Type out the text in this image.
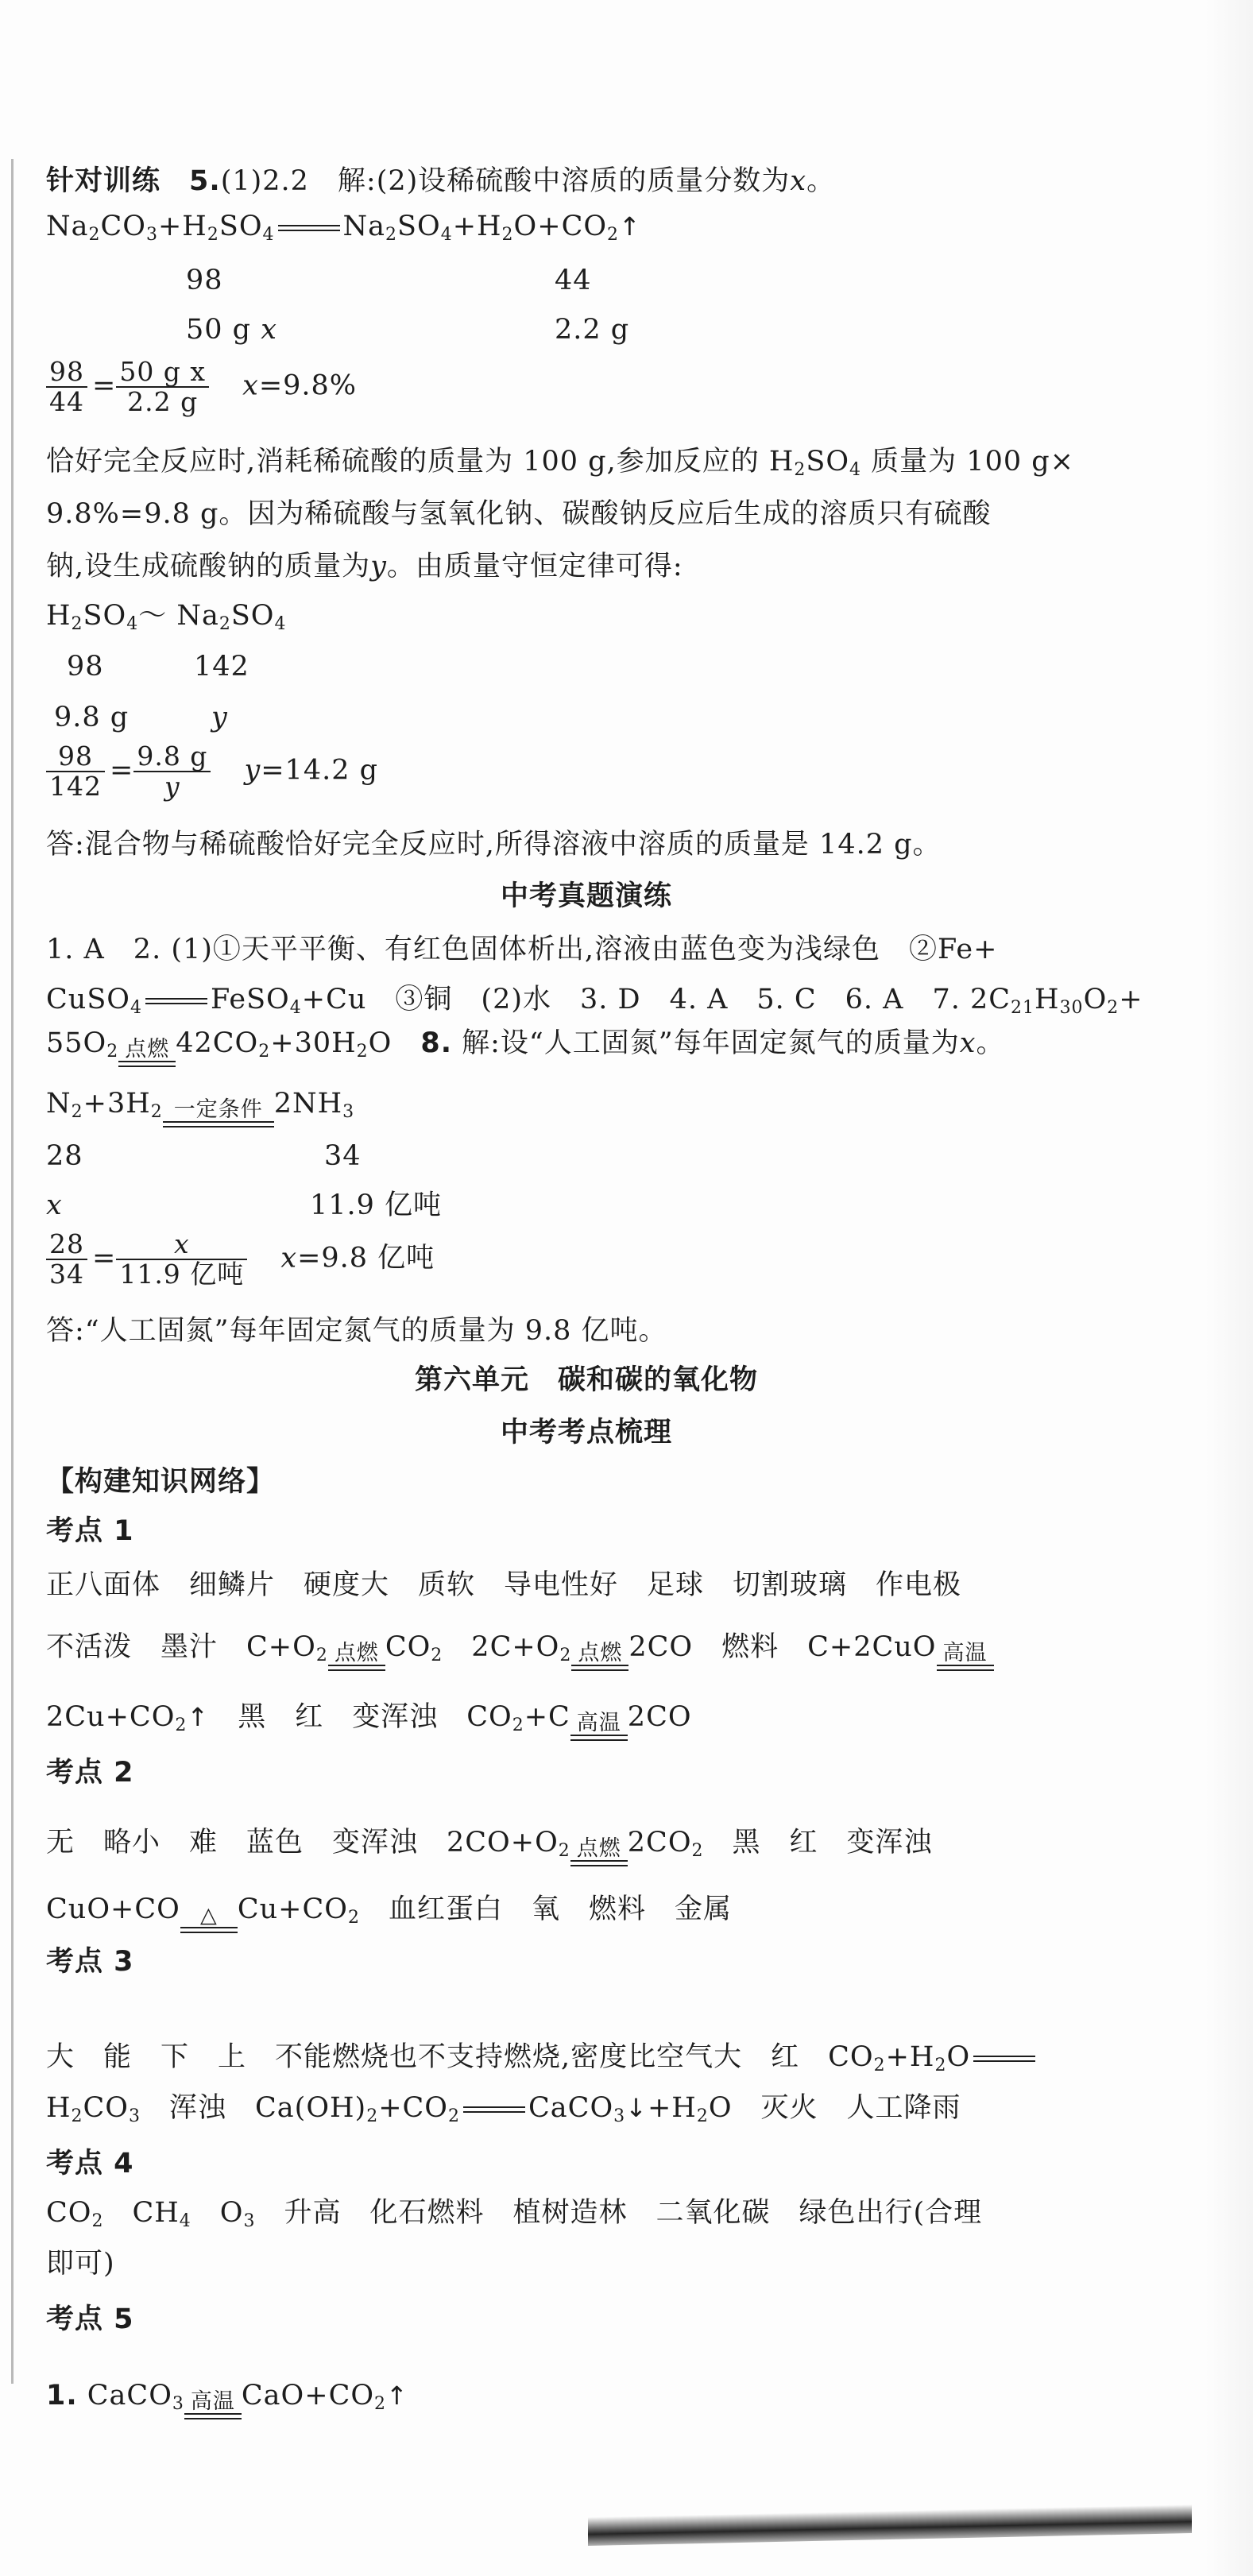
针对训练　 5.(1)2.2　解:(2)设稀硫酸中溶质的质量分数为x。
$Na_2CO_3+H_2SO_4$ $Na_2SO_4+H_2O+CO_2↑$
98	44
50 g x	2.2 g
$\frac{98}{44} = \frac{\text{50 g x}}{2.2 g}$
　 x=9.8%
恰好完全反应时,消耗稀硫酸的质量为 100 g,参加反应的 $H_2SO_4$ 质量为 100 g×
9.8%=9.8 g。因为稀硫酸与氢氧化钠、碳酸钠反应后生成的溶质只有硫酸
钠,设生成硫酸钠的质量为y。由质量守恒定律可得:
$H_2SO_4\sim$ $Na_2SO_4$
98	142
9.8 g	y
$\frac{98}{142} = \frac{9.8 g}{y}$
　 y=14.2 g
答:混合物与稀硫酸恰好完全反应时,所得溶液中溶质的质量是 14.2 g。
中考真题演练
1. A　2. (1)①天平平衡、有红色固体析出,溶液由蓝色变为浅绿色　②Fe+
CuSO$_4$ FeSO$_4$+Cu　③铜　(2)水　3. D　4. A　5. C　6. A　7. $2C_{21}H_{30}O_2+$
$55O_2$ 点燃 $42CO_2+30H_2O$　8. 解:设“人工固氮”每年固定氮气的质量为x。
$N_2+3H_2$ 一定条件 $2NH_3$
28	34
x	11.9 亿吨
$\frac{28}{34} = \frac{x}{\text{11.9 亿吨}}$
　 x=9.8 亿吨
答:“人工固氮”每年固定氮气的质量为 9.8 亿吨。
第六单元　碳和碳的氧化物
中考考点梳理
【构建知识网络】
考点 1
正八面体　细鳞片　硬度大　质软　导电性好　足球　切割玻璃　作电极
不活泼　墨汁　$C+O_2$ 点燃 $CO_2$　$2C+O_2$ 点燃 2CO　燃料　C+2CuO 高温
$2Cu+CO_2↑$　黑　红　变浑浊　$CO_2+C$ 高温 2CO
考点 2
无　略小　难　蓝色　变浑浊　$2CO+O_2$ 点燃 $2CO_2$　黑　红　变浑浊
CuO+CO △ $Cu+CO_2$　血红蛋白　氧　燃料　金属
考点 3
大　能　下　上　不能燃烧也不支持燃烧,密度比空气大　红　$CO_2+H_2O$
$H_2CO_3$　浑浊　$Ca(OH)_2+CO_2$ $CaCO_3↓+H_2O$　灭火　人工降雨
考点 4
$CO_2$　$CH_4$　$O_3$　升高　化石燃料　植树造林　二氧化碳　绿色出行(合理
即可)
考点 5
1. CaCO$_3$ 高温 $CaO+CO_2↑$
